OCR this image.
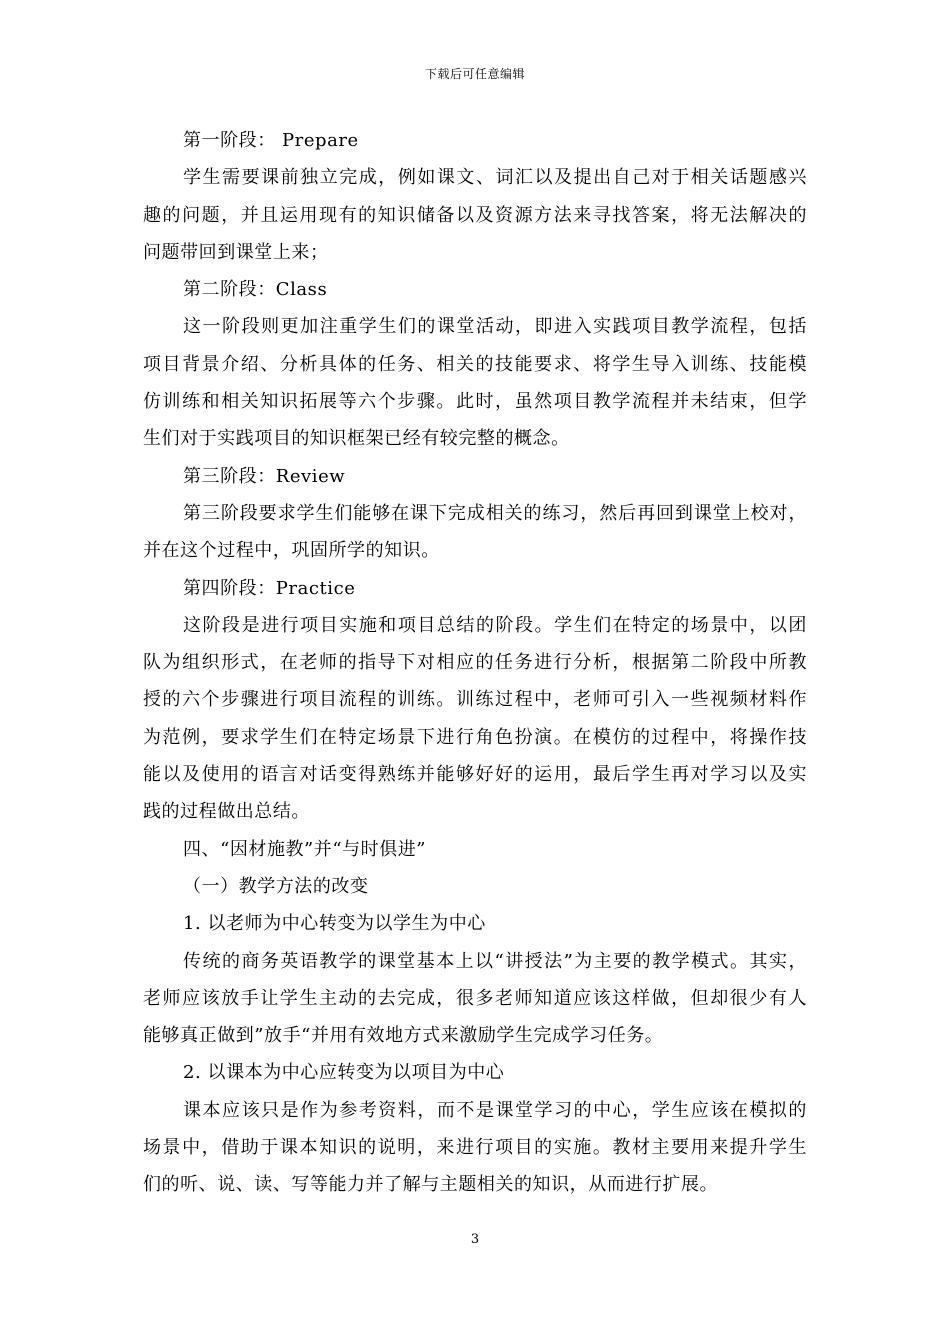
下载后可任意编辑
第一阶段： Prepare
学生需要课前独立完成，例如课文、词汇以及提出自己对于相关话题感兴
趣的问题，并且运用现有的知识储备以及资源方法来寻找答案，将无法解决的
问题带回到课堂上来；
第二阶段：Class
这一阶段则更加注重学生们的课堂活动，即进入实践项目教学流程，包括
项目背景介绍、分析具体的任务、相关的技能要求、将学生导入训练、技能模
仿训练和相关知识拓展等六个步骤。此时，虽然项目教学流程并未结束，但学
生们对于实践项目的知识框架已经有较完整的概念。
第三阶段：Review
第三阶段要求学生们能够在课下完成相关的练习，然后再回到课堂上校对，
并在这个过程中，巩固所学的知识。
第四阶段：Practice
这阶段是进行项目实施和项目总结的阶段。学生们在特定的场景中，以团
队为组织形式，在老师的指导下对相应的任务进行分析，根据第二阶段中所教
授的六个步骤进行项目流程的训练。训练过程中，老师可引入一些视频材料作
为范例，要求学生们在特定场景下进行角色扮演。在模仿的过程中，将操作技
能以及使用的语言对话变得熟练并能够好好的运用，最后学生再对学习以及实
践的过程做出总结。
四、“因材施教”并“与时俱进”
（一）教学方法的改变
1. 以老师为中心转变为以学生为中心
传统的商务英语教学的课堂基本上以“讲授法”为主要的教学模式。其实，
老师应该放手让学生主动的去完成，很多老师知道应该这样做，但却很少有人
能够真正做到”放手“并用有效地方式来激励学生完成学习任务。
2. 以课本为中心应转变为以项目为中心
课本应该只是作为参考资料，而不是课堂学习的中心，学生应该在模拟的
场景中，借助于课本知识的说明，来进行项目的实施。教材主要用来提升学生
们的听、说、读、写等能力并了解与主题相关的知识，从而进行扩展。
3
